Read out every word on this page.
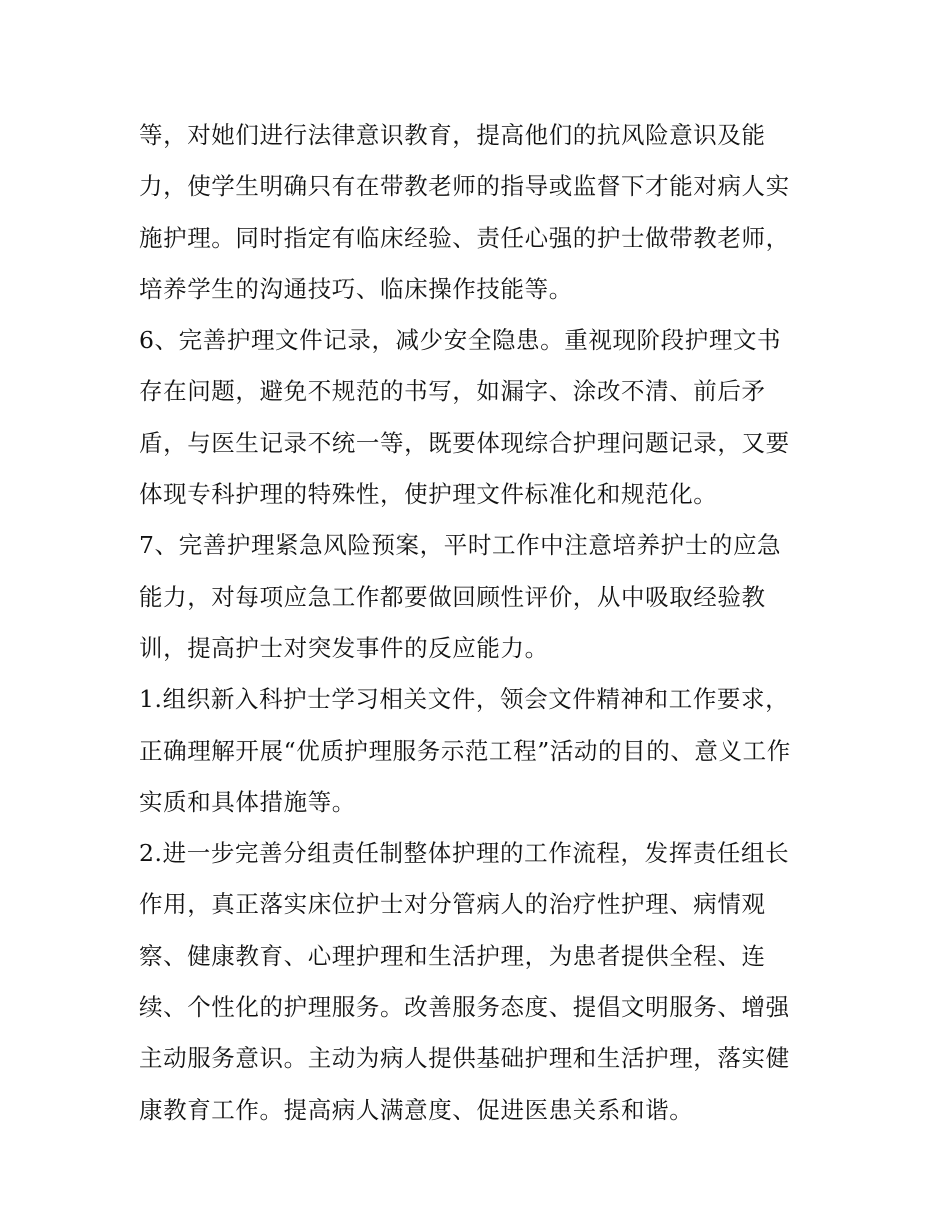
等，对她们进行法律意识教育，提高他们的抗风险意识及能
力，使学生明确只有在带教老师的指导或监督下才能对病人实
施护理。同时指定有临床经验、责任心强的护士做带教老师，
培养学生的沟通技巧、临床操作技能等。
6、完善护理文件记录，减少安全隐患。重视现阶段护理文书
存在问题，避免不规范的书写，如漏字、涂改不清、前后矛
盾，与医生记录不统一等，既要体现综合护理问题记录，又要
体现专科护理的特殊性，使护理文件标准化和规范化。
7、完善护理紧急风险预案，平时工作中注意培养护士的应急
能力，对每项应急工作都要做回顾性评价，从中吸取经验教
训，提高护士对突发事件的反应能力。
1.组织新入科护士学习相关文件，领会文件精神和工作要求，
正确理解开展“优质护理服务示范工程”活动的目的、意义工作
实质和具体措施等。
2.进一步完善分组责任制整体护理的工作流程，发挥责任组长
作用，真正落实床位护士对分管病人的治疗性护理、病情观
察、健康教育、心理护理和生活护理，为患者提供全程、连
续、个性化的护理服务。改善服务态度、提倡文明服务、增强
主动服务意识。主动为病人提供基础护理和生活护理，落实健
康教育工作。提高病人满意度、促进医患关系和谐。
